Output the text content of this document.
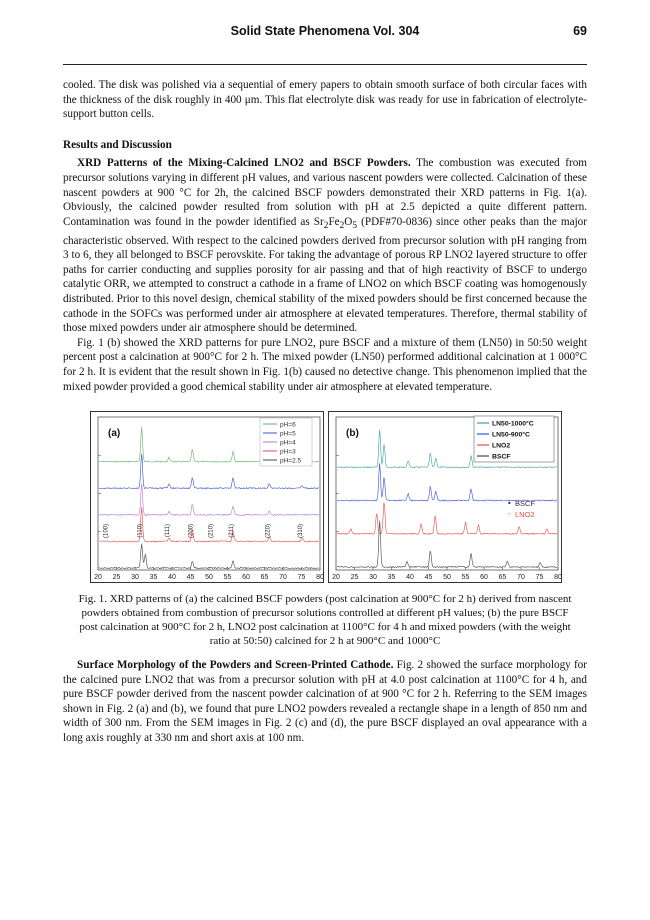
Solid State Phenomena Vol. 304	69

cooled. The disk was polished via a sequential of emery papers to obtain smooth surface of both circular faces with the thickness of the disk roughly in 400 μm. This flat electrolyte disk was ready for use in fabrication of electrolyte-support button cells.

Results and Discussion

XRD Patterns of the Mixing-Calcined LNO2 and BSCF Powders. The combustion was executed from precursor solutions varying in different pH values, and various nascent powders were collected. Calcination of these nascent powders at 900 °C for 2h, the calcined BSCF powders demonstrated their XRD patterns in Fig. 1(a). Obviously, the calcined powder resulted from solution with pH at 2.5 depicted a quite different pattern. Contamination was found in the powder identified as $Sr_2Fe_2O_5$ (PDF#70-0836) since other peaks than the major characteristic observed. With respect to the calcined powders derived from precursor solution with pH ranging from 3 to 6, they all belonged to BSCF perovskite. For taking the advantage of porous RP LNO2 layered structure to offer paths for carrier conducting and supplies porosity for air passing and that of high reactivity of BSCF to undergo catalytic ORR, we attempted to construct a cathode in a frame of LNO2 on which BSCF coating was homogenously distributed. Prior to this novel design, chemical stability of the mixed powders should be first concerned because the cathode in the SOFCs was performed under air atmosphere at elevated temperatures. Therefore, thermal stability of those mixed powders under air atmosphere should be determined.

Fig. 1 (b) showed the XRD patterns for pure LNO2, pure BSCF and a mixture of them (LN50) in 50:50 weight percent post a calcination at 900°C for 2 h. The mixed powder (LN50) performed additional calcination at 1 000°C for 2 h. It is evident that the result shown in Fig. 1(b) caused no detective change. This phenomenon implied that the mixed powder provided a good chemical stability under air atmosphere at elevated temperature.

20 25 30 35 40 45 50 55 60 65 70 75 80
(a)
pH=6
pH=5
pH=4
pH=3
pH=2.5
(100)	(110)	(111)	(200) (210) (211)	(220)	(310)
20 25 30 35 40 45 50 55 60 65 70 75 80
(b)
LN50-1000°C
LN50-900°C
LNO2
BSCF
• BSCF
◦ LNO2

Fig. 1. XRD patterns of (a) the calcined BSCF powders (post calcination at 900°C for 2 h) derived from nascent powders obtained from combustion of precursor solutions controlled at different pH values; (b) the pure BSCF post calcination at 900°C for 2 h, LNO2 post calcination at 1100°C for 4 h and mixed powders (with the weight ratio at 50:50) calcined for 2 h at 900°C and 1000°C

Surface Morphology of the Powders and Screen-Printed Cathode. Fig. 2 showed the surface morphology for the calcined pure LNO2 that was from a precursor solution with pH at 4.0 post calcination at 1100°C for 4 h, and pure BSCF powder derived from the nascent powder calcination of at 900 °C for 2 h. Referring to the SEM images shown in Fig. 2 (a) and (b), we found that pure LNO2 powders revealed a rectangle shape in a length of 850 nm and width of 300 nm. From the SEM images in Fig. 2 (c) and (d), the pure BSCF displayed an oval appearance with a long axis roughly at 330 nm and short axis at 100 nm.
